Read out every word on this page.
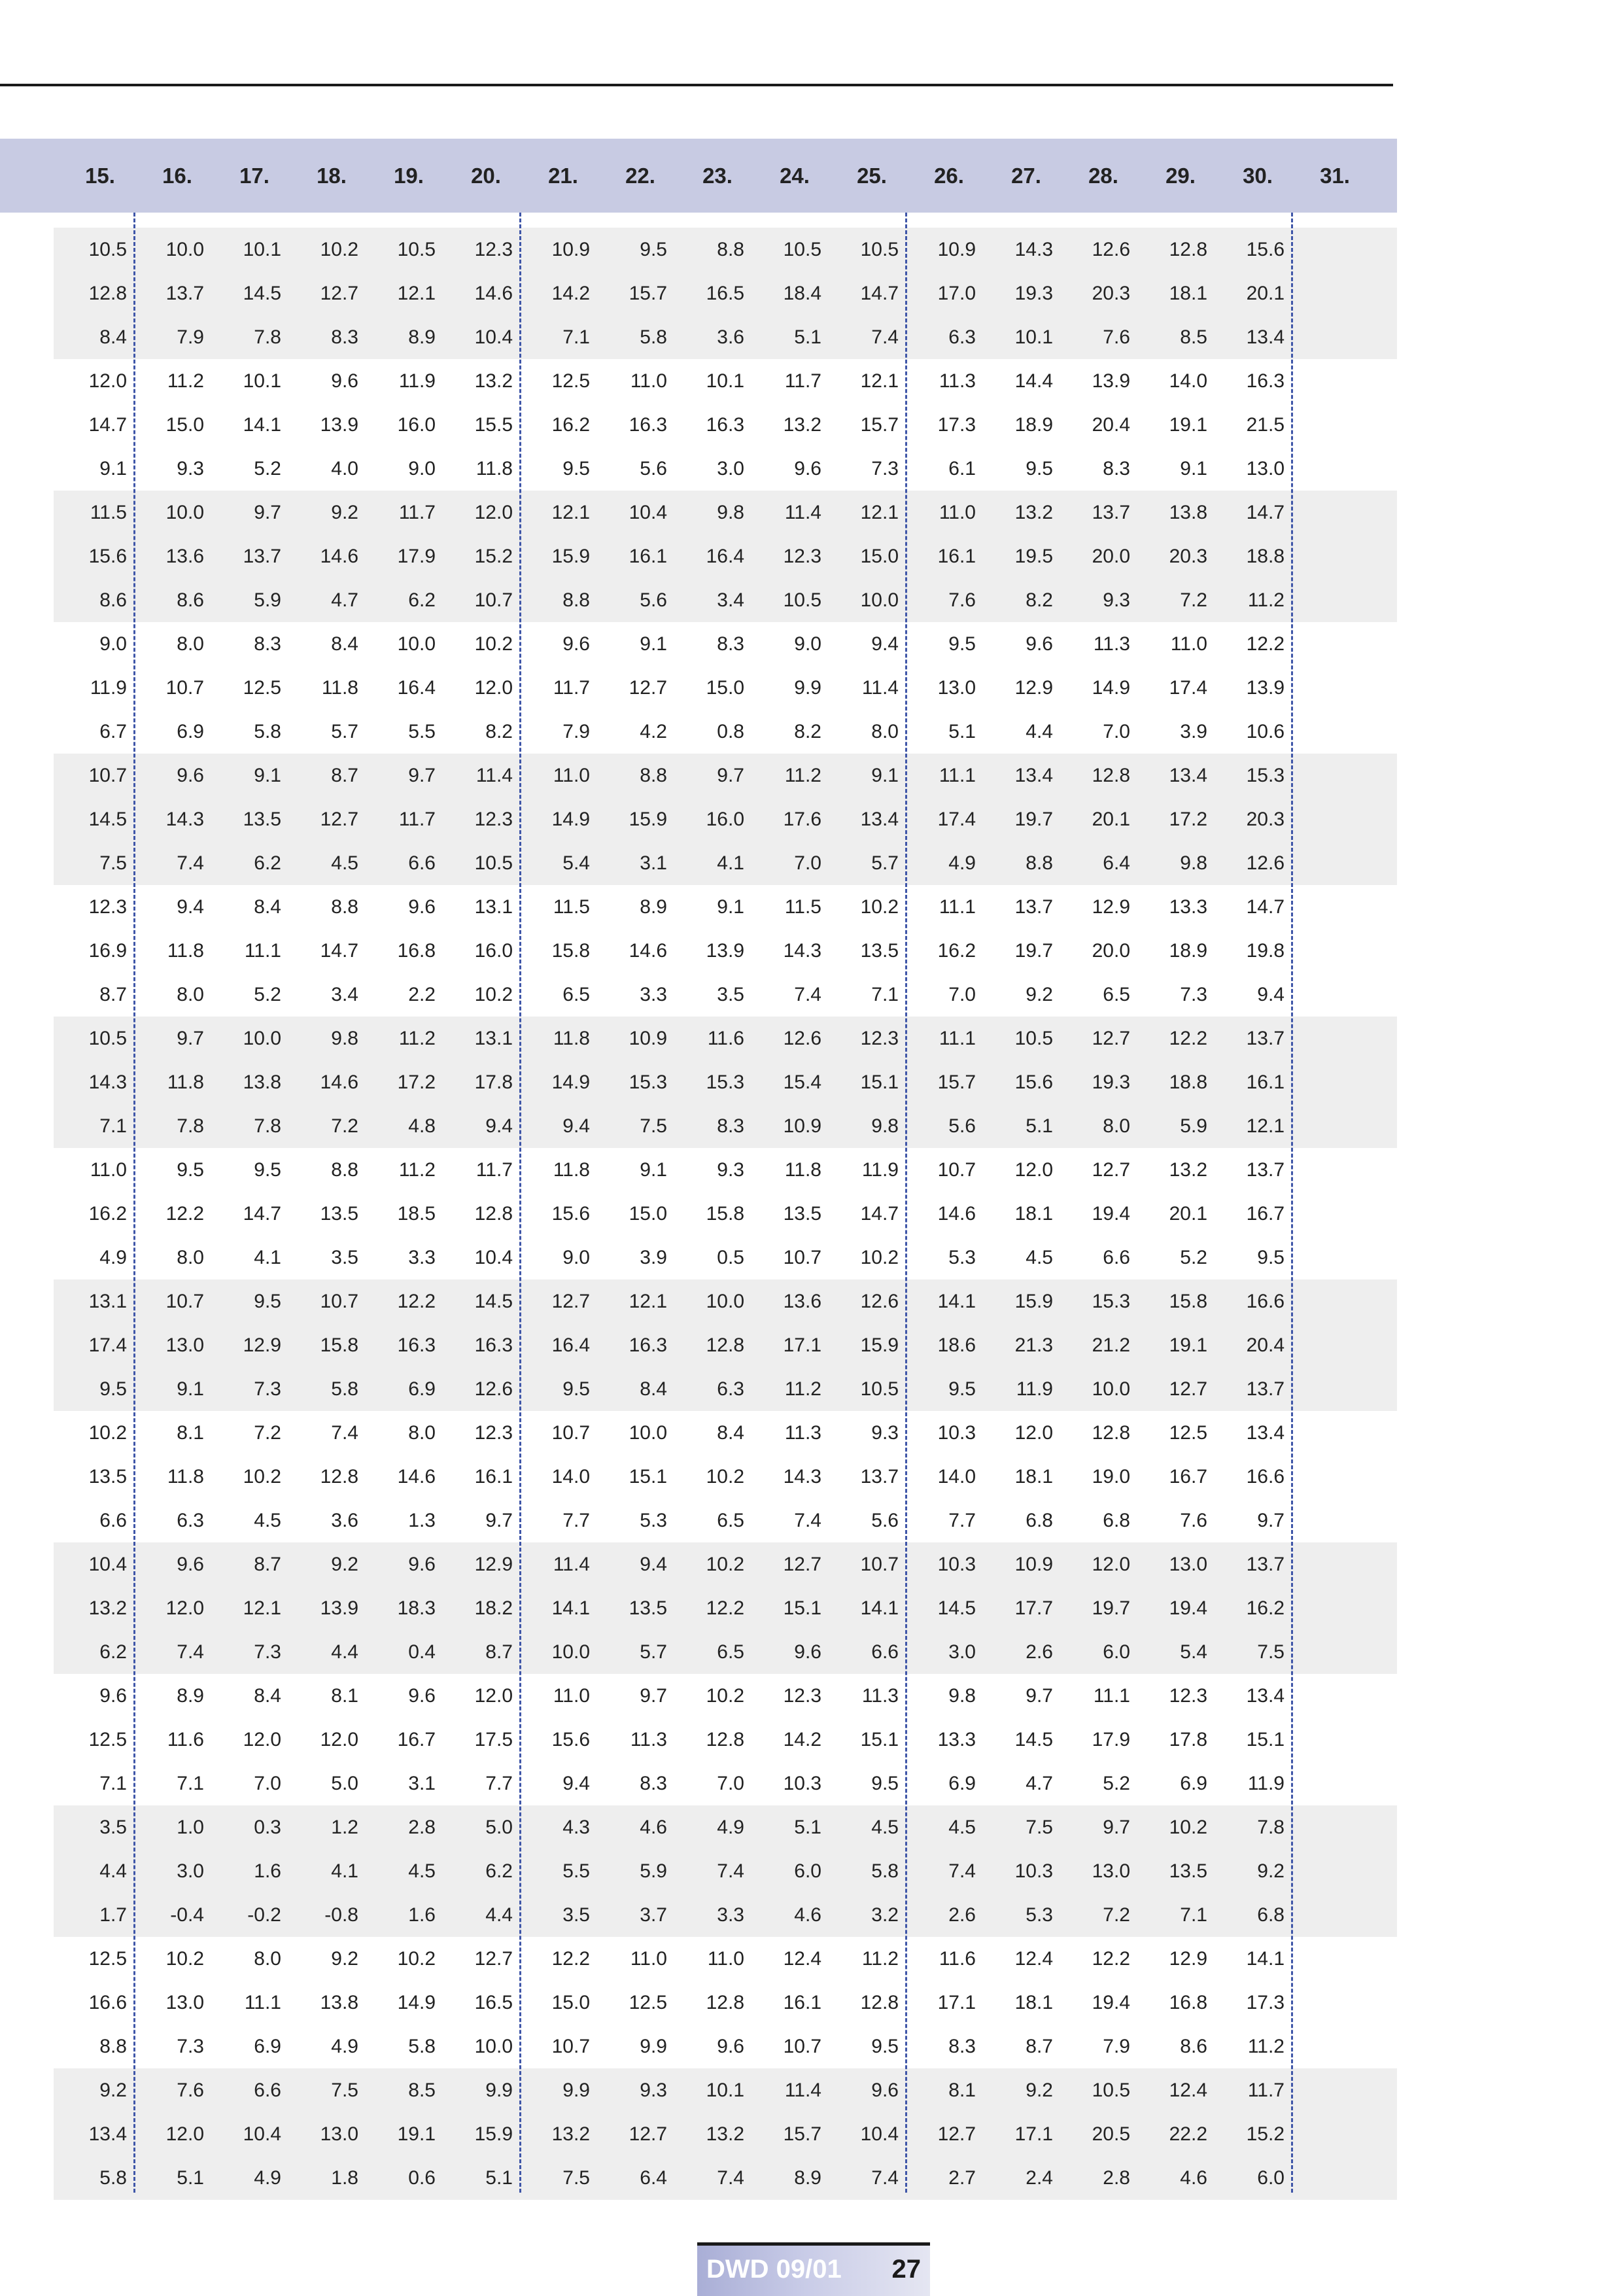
15.	16.	17.	18.	19.	20.	21.	22.	23.	24.	25.	26.	27.	28.	29.	30.	31.
10.5	10.0	10.1	10.2	10.5	12.3	10.9	9.5	8.8	10.5	10.5	10.9	14.3	12.6	12.8	15.6
12.8	13.7	14.5	12.7	12.1	14.6	14.2	15.7	16.5	18.4	14.7	17.0	19.3	20.3	18.1	20.1
8.4	7.9	7.8	8.3	8.9	10.4	7.1	5.8	3.6	5.1	7.4	6.3	10.1	7.6	8.5	13.4
12.0	11.2	10.1	9.6	11.9	13.2	12.5	11.0	10.1	11.7	12.1	11.3	14.4	13.9	14.0	16.3
14.7	15.0	14.1	13.9	16.0	15.5	16.2	16.3	16.3	13.2	15.7	17.3	18.9	20.4	19.1	21.5
9.1	9.3	5.2	4.0	9.0	11.8	9.5	5.6	3.0	9.6	7.3	6.1	9.5	8.3	9.1	13.0
11.5	10.0	9.7	9.2	11.7	12.0	12.1	10.4	9.8	11.4	12.1	11.0	13.2	13.7	13.8	14.7
15.6	13.6	13.7	14.6	17.9	15.2	15.9	16.1	16.4	12.3	15.0	16.1	19.5	20.0	20.3	18.8
8.6	8.6	5.9	4.7	6.2	10.7	8.8	5.6	3.4	10.5	10.0	7.6	8.2	9.3	7.2	11.2
9.0	8.0	8.3	8.4	10.0	10.2	9.6	9.1	8.3	9.0	9.4	9.5	9.6	11.3	11.0	12.2
11.9	10.7	12.5	11.8	16.4	12.0	11.7	12.7	15.0	9.9	11.4	13.0	12.9	14.9	17.4	13.9
6.7	6.9	5.8	5.7	5.5	8.2	7.9	4.2	0.8	8.2	8.0	5.1	4.4	7.0	3.9	10.6
10.7	9.6	9.1	8.7	9.7	11.4	11.0	8.8	9.7	11.2	9.1	11.1	13.4	12.8	13.4	15.3
14.5	14.3	13.5	12.7	11.7	12.3	14.9	15.9	16.0	17.6	13.4	17.4	19.7	20.1	17.2	20.3
7.5	7.4	6.2	4.5	6.6	10.5	5.4	3.1	4.1	7.0	5.7	4.9	8.8	6.4	9.8	12.6
12.3	9.4	8.4	8.8	9.6	13.1	11.5	8.9	9.1	11.5	10.2	11.1	13.7	12.9	13.3	14.7
16.9	11.8	11.1	14.7	16.8	16.0	15.8	14.6	13.9	14.3	13.5	16.2	19.7	20.0	18.9	19.8
8.7	8.0	5.2	3.4	2.2	10.2	6.5	3.3	3.5	7.4	7.1	7.0	9.2	6.5	7.3	9.4
10.5	9.7	10.0	9.8	11.2	13.1	11.8	10.9	11.6	12.6	12.3	11.1	10.5	12.7	12.2	13.7
14.3	11.8	13.8	14.6	17.2	17.8	14.9	15.3	15.3	15.4	15.1	15.7	15.6	19.3	18.8	16.1
7.1	7.8	7.8	7.2	4.8	9.4	9.4	7.5	8.3	10.9	9.8	5.6	5.1	8.0	5.9	12.1
11.0	9.5	9.5	8.8	11.2	11.7	11.8	9.1	9.3	11.8	11.9	10.7	12.0	12.7	13.2	13.7
16.2	12.2	14.7	13.5	18.5	12.8	15.6	15.0	15.8	13.5	14.7	14.6	18.1	19.4	20.1	16.7
4.9	8.0	4.1	3.5	3.3	10.4	9.0	3.9	0.5	10.7	10.2	5.3	4.5	6.6	5.2	9.5
13.1	10.7	9.5	10.7	12.2	14.5	12.7	12.1	10.0	13.6	12.6	14.1	15.9	15.3	15.8	16.6
17.4	13.0	12.9	15.8	16.3	16.3	16.4	16.3	12.8	17.1	15.9	18.6	21.3	21.2	19.1	20.4
9.5	9.1	7.3	5.8	6.9	12.6	9.5	8.4	6.3	11.2	10.5	9.5	11.9	10.0	12.7	13.7
10.2	8.1	7.2	7.4	8.0	12.3	10.7	10.0	8.4	11.3	9.3	10.3	12.0	12.8	12.5	13.4
13.5	11.8	10.2	12.8	14.6	16.1	14.0	15.1	10.2	14.3	13.7	14.0	18.1	19.0	16.7	16.6
6.6	6.3	4.5	3.6	1.3	9.7	7.7	5.3	6.5	7.4	5.6	7.7	6.8	6.8	7.6	9.7
10.4	9.6	8.7	9.2	9.6	12.9	11.4	9.4	10.2	12.7	10.7	10.3	10.9	12.0	13.0	13.7
13.2	12.0	12.1	13.9	18.3	18.2	14.1	13.5	12.2	15.1	14.1	14.5	17.7	19.7	19.4	16.2
6.2	7.4	7.3	4.4	0.4	8.7	10.0	5.7	6.5	9.6	6.6	3.0	2.6	6.0	5.4	7.5
9.6	8.9	8.4	8.1	9.6	12.0	11.0	9.7	10.2	12.3	11.3	9.8	9.7	11.1	12.3	13.4
12.5	11.6	12.0	12.0	16.7	17.5	15.6	11.3	12.8	14.2	15.1	13.3	14.5	17.9	17.8	15.1
7.1	7.1	7.0	5.0	3.1	7.7	9.4	8.3	7.0	10.3	9.5	6.9	4.7	5.2	6.9	11.9
3.5	1.0	0.3	1.2	2.8	5.0	4.3	4.6	4.9	5.1	4.5	4.5	7.5	9.7	10.2	7.8
4.4	3.0	1.6	4.1	4.5	6.2	5.5	5.9	7.4	6.0	5.8	7.4	10.3	13.0	13.5	9.2
1.7	-0.4	-0.2	-0.8	1.6	4.4	3.5	3.7	3.3	4.6	3.2	2.6	5.3	7.2	7.1	6.8
12.5	10.2	8.0	9.2	10.2	12.7	12.2	11.0	11.0	12.4	11.2	11.6	12.4	12.2	12.9	14.1
16.6	13.0	11.1	13.8	14.9	16.5	15.0	12.5	12.8	16.1	12.8	17.1	18.1	19.4	16.8	17.3
8.8	7.3	6.9	4.9	5.8	10.0	10.7	9.9	9.6	10.7	9.5	8.3	8.7	7.9	8.6	11.2
9.2	7.6	6.6	7.5	8.5	9.9	9.9	9.3	10.1	11.4	9.6	8.1	9.2	10.5	12.4	11.7
13.4	12.0	10.4	13.0	19.1	15.9	13.2	12.7	13.2	15.7	10.4	12.7	17.1	20.5	22.2	15.2
5.8	5.1	4.9	1.8	0.6	5.1	7.5	6.4	7.4	8.9	7.4	2.7	2.4	2.8	4.6	6.0
DWD 09/01 27
